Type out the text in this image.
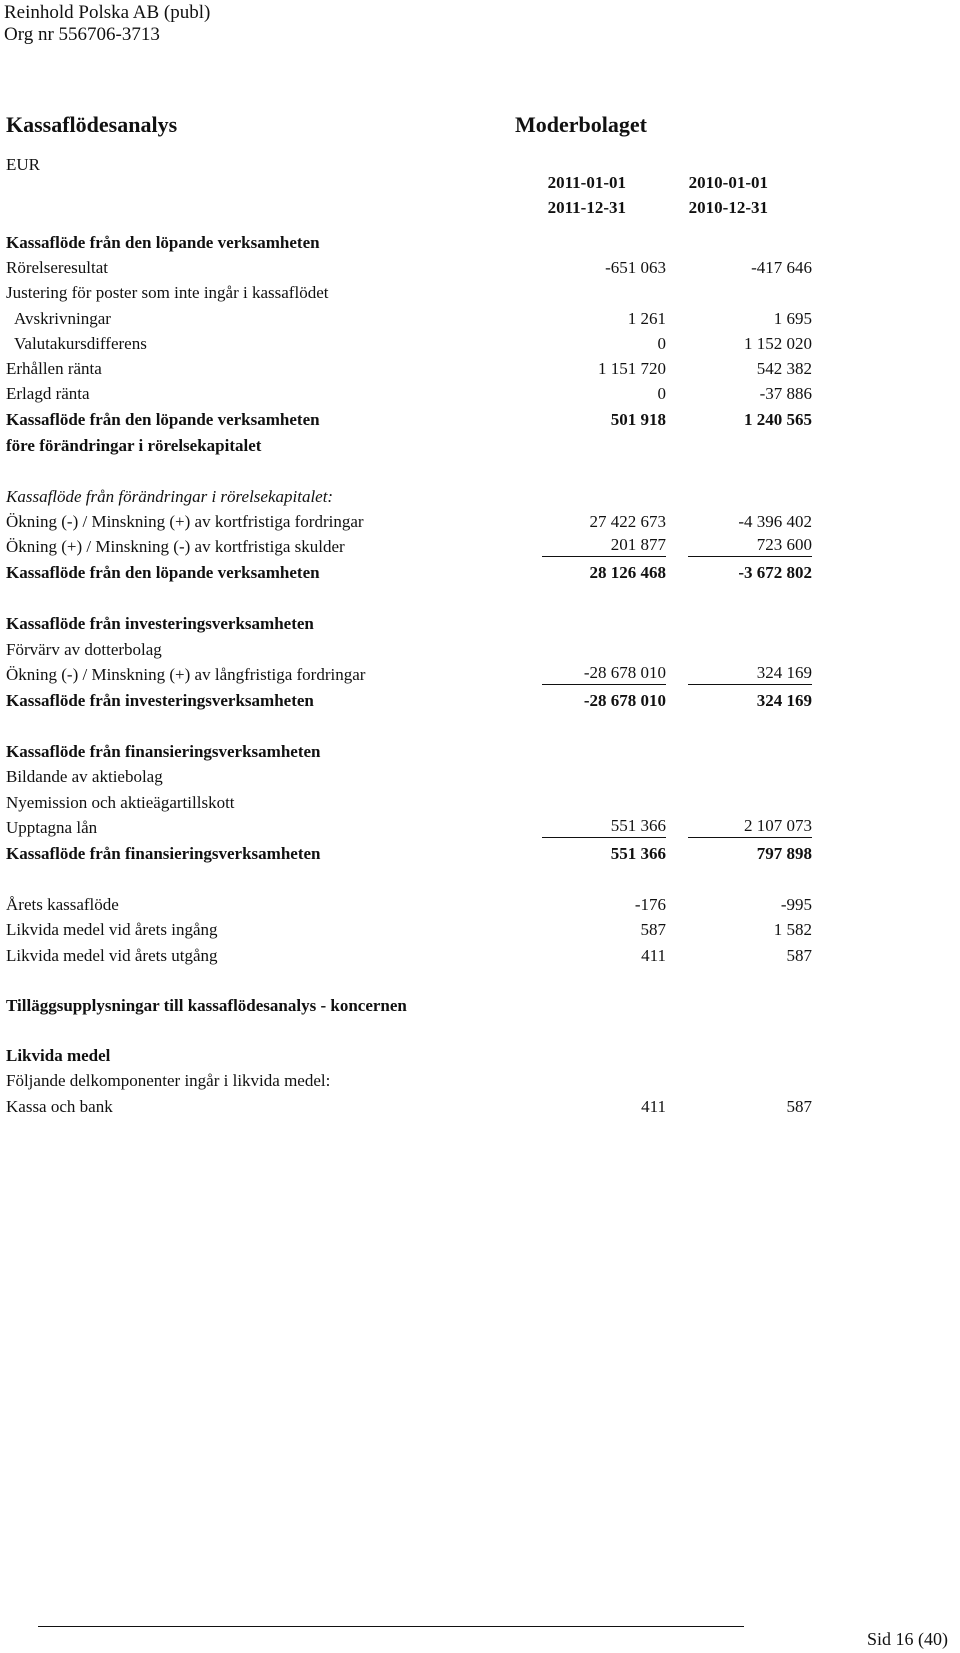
Reinhold Polska AB (publ)
Org nr 556706-3713
Kassaflödesanalys	Moderbolaget
EUR
2011-01-01
2011-12-31
2010-01-01
2010-12-31
Kassaflöde från den löpande verksamheten
Rörelseresultat	-651 063	-417 646
Justering för poster som inte ingår i kassaflödet
Avskrivningar	1 261	1 695
Valutakursdifferens	0	1 152 020
Erhållen ränta	1 151 720	542 382
Erlagd ränta	0	-37 886
Kassaflöde från den löpande verksamheten	501 918	1 240 565
före förändringar i rörelsekapitalet
Kassaflöde från förändringar i rörelsekapitalet:
Ökning (-) / Minskning (+) av kortfristiga fordringar	27 422 673	-4 396 402
Ökning (+) / Minskning (-) av kortfristiga skulder	201 877	723 600
Kassaflöde från den löpande verksamheten	28 126 468	-3 672 802
Kassaflöde från investeringsverksamheten
Förvärv av dotterbolag
Ökning (-) / Minskning (+) av långfristiga fordringar	-28 678 010	324 169
Kassaflöde från investeringsverksamheten	-28 678 010	324 169
Kassaflöde från finansieringsverksamheten
Bildande av aktiebolag
Nyemission och aktieägartillskott
Upptagna lån	551 366	2 107 073
Kassaflöde från finansieringsverksamheten	551 366	797 898
Årets kassaflöde	-176	-995
Likvida medel vid årets ingång	587	1 582
Likvida medel vid årets utgång	411	587
Tilläggsupplysningar till kassaflödesanalys - koncernen
Likvida medel
Följande delkomponenter ingår i likvida medel:
Kassa och bank	411	587
Sid 16 (40)
